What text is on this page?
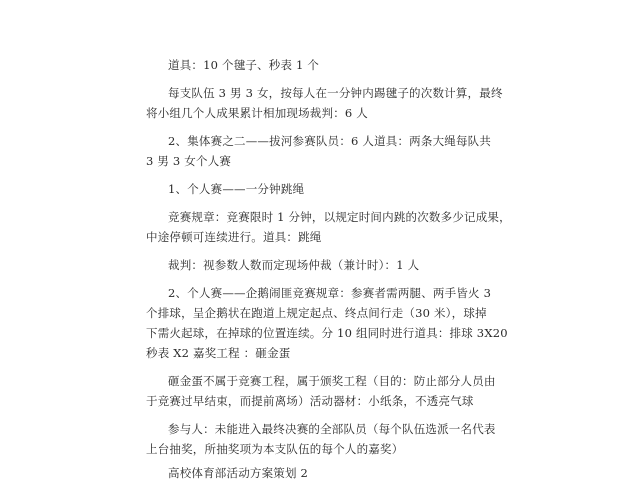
道具：10 个毽子、秒表 1 个
每支队伍 3 男 3 女，按每人在一分钟内踢毽子的次数计算，最终
将小组几个人成果累计相加现场裁判：6 人
2、集体赛之二——拔河参赛队员：6 人道具：两条大绳每队共
3 男 3 女个人赛
1、个人赛——一分钟跳绳
竞赛规章：竞赛限时 1 分钟，以规定时间内跳的次数多少记成果，
中途停顿可连续进行。道具：跳绳
裁判：视参数人数而定现场仲裁（兼计时）：1 人
2、个人赛——企鹅闹匪竞赛规章：参赛者需两腿、两手皆火 3
个排球，呈企鹅状在跑道上规定起点、终点间行走（30 米），球掉
下需火起球，在掉球的位置连续。分 10 组同时进行道具：排球 3X20
秒表 X2 嘉奖工程 ：砸金蛋
砸金蛋不属于竞赛工程，属于颁奖工程（目的：防止部分人员由
于竞赛过早结束，而提前离场）活动器材：小纸条，不透亮气球
参与人：未能进入最终决赛的全部队员（每个队伍选派一名代表
上台抽奖，所抽奖项为本支队伍的每个人的嘉奖）
高校体育部活动方案策划 2
